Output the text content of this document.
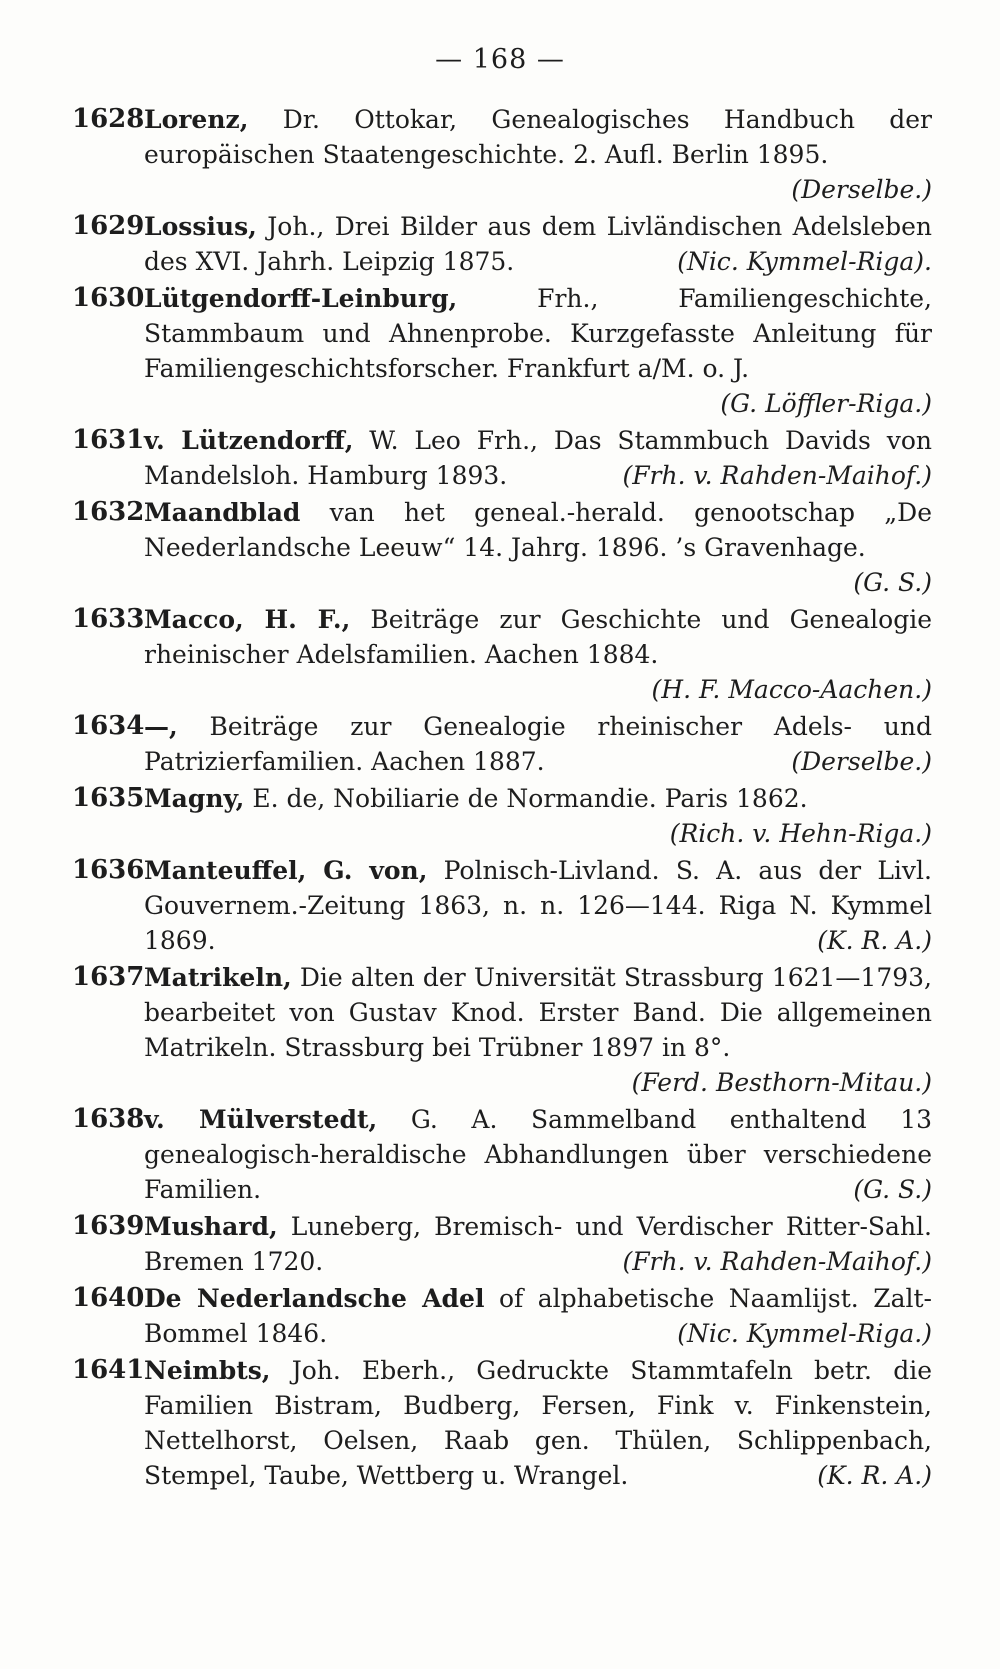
— 168 —
1628 Lorenz, Dr. Ottokar, Genealogisches Handbuch der europäischen Staatengeschichte. 2. Aufl. Berlin 1895.
(Derselbe.)
1629 Lossius, Joh., Drei Bilder aus dem Livländischen Adelsleben des XVI. Jahrh. Leipzig 1875.	(Nic. Kymmel-Riga).
1630 Lütgendorff-Leinburg,	Frh., Familiengeschichte, Stammbaum und Ahnenprobe. Kurzgefasste Anleitung für Familiengeschichtsforscher. Frankfurt a/M. o. J.
(G. Löffler-Riga.)
1631 v. Lützendorff, W. Leo Frh., Das Stammbuch Davids von Mandelsloh. Hamburg 1893.	(Frh. v. Rahden-Maihof.)
1632 Maandblad van het geneal.-herald. genootschap „De Neederlandsche Leeuw“ 14. Jahrg. 1896. ’s Gravenhage.
(G. S.)
1633 Macco, H. F., Beiträge zur Geschichte und Genealogie rheinischer Adelsfamilien. Aachen 1884.
(H. F. Macco-Aachen.)
1634 —, Beiträge zur Genealogie rheinischer Adels- und Patrizierfamilien. Aachen 1887.	(Derselbe.)
1635 Magny, E. de, Nobiliarie de Normandie. Paris 1862.
(Rich. v. Hehn-Riga.)
1636 Manteuffel, G. von, Polnisch-Livland. S. A. aus der Livl. Gouvernem.-Zeitung 1863, n. n. 126—144. Riga N. Kymmel 1869.	(K. R. A.)
1637 Matrikeln, Die alten der Universität Strassburg 1621—1793, bearbeitet von Gustav Knod. Erster Band. Die allgemeinen Matrikeln. Strassburg bei Trübner 1897 in 8°.
(Ferd. Besthorn-Mitau.)
1638 v. Mülverstedt, G. A. Sammelband enthaltend 13 genealogisch-heraldische Abhandlungen über verschiedene Familien.	(G. S.)
1639 Mushard, Luneberg, Bremisch- und Verdischer Ritter-Sahl. Bremen 1720.	(Frh. v. Rahden-Maihof.)
1640 De Nederlandsche Adel of alphabetische Naamlijst. Zalt-Bommel 1846.	(Nic. Kymmel-Riga.)
1641 Neimbts, Joh. Eberh., Gedruckte Stammtafeln betr. die Familien Bistram, Budberg, Fersen, Fink v. Finkenstein, Nettelhorst, Oelsen, Raab gen. Thülen, Schlippenbach, Stempel, Taube, Wettberg u. Wrangel.	(K. R. A.)
